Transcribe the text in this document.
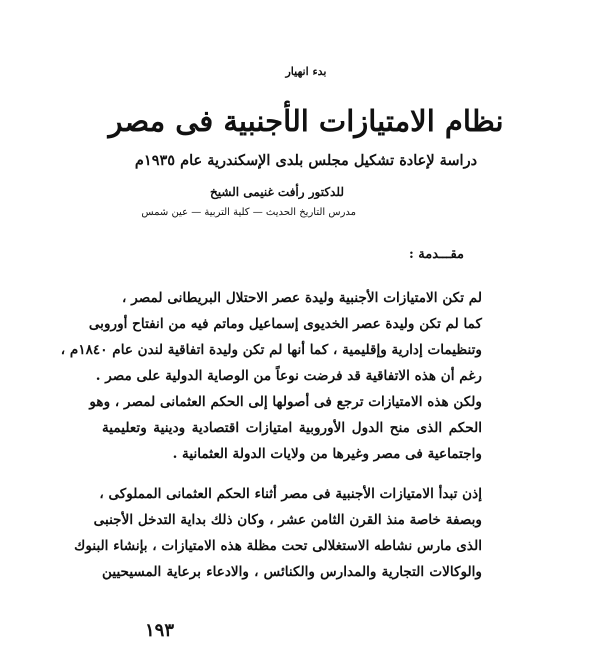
بدء انهيار
نظام الامتيازات الأجنبية فى مصر
دراسة لإعادة تشكيل مجلس بلدى الإسكندرية عام ١٩٣٥م
للدكتور رأفت غنيمى الشيخ
مدرس التاريخ الحديث — كلية التربية — عين شمس
مقـــدمة :
لم تكن الامتيازات الأجنبية وليدة عصر الاحتلال البريطانى لمصر ،
كما لم تكن وليدة عصر الخديوى إسماعيل وماتم فيه من انفتاح أوروبى
وتنظيمات إدارية وإقليمية ، كما أنها لم تكن وليدة اتفاقية لندن عام ١٨٤٠م ،
رغم أن هذه الاتفاقية قد فرضت نوعاً من الوصاية الدولية على مصر .
ولكن هذه الامتيازات ترجع فى أصولها إلى الحكم العثمانى لمصر ، وهو
الحكم الذى منح الدول الأوروبية امتيازات اقتصادية ودينية وتعليمية
واجتماعية فى مصر وغيرها من ولايات الدولة العثمانية .
إذن تبدأ الامتيازات الأجنبية فى مصر أثناء الحكم العثمانى المملوكى ،
وبصفة خاصة منذ القرن الثامن عشر ، وكان ذلك بداية التدخل الأجنبى
الذى مارس نشاطه الاستغلالى تحت مظلة هذه الامتيازات ، بإنشاء البنوك
والوكالات التجارية والمدارس والكنائس ، والادعاء برعاية المسيحيين
١٩٣
